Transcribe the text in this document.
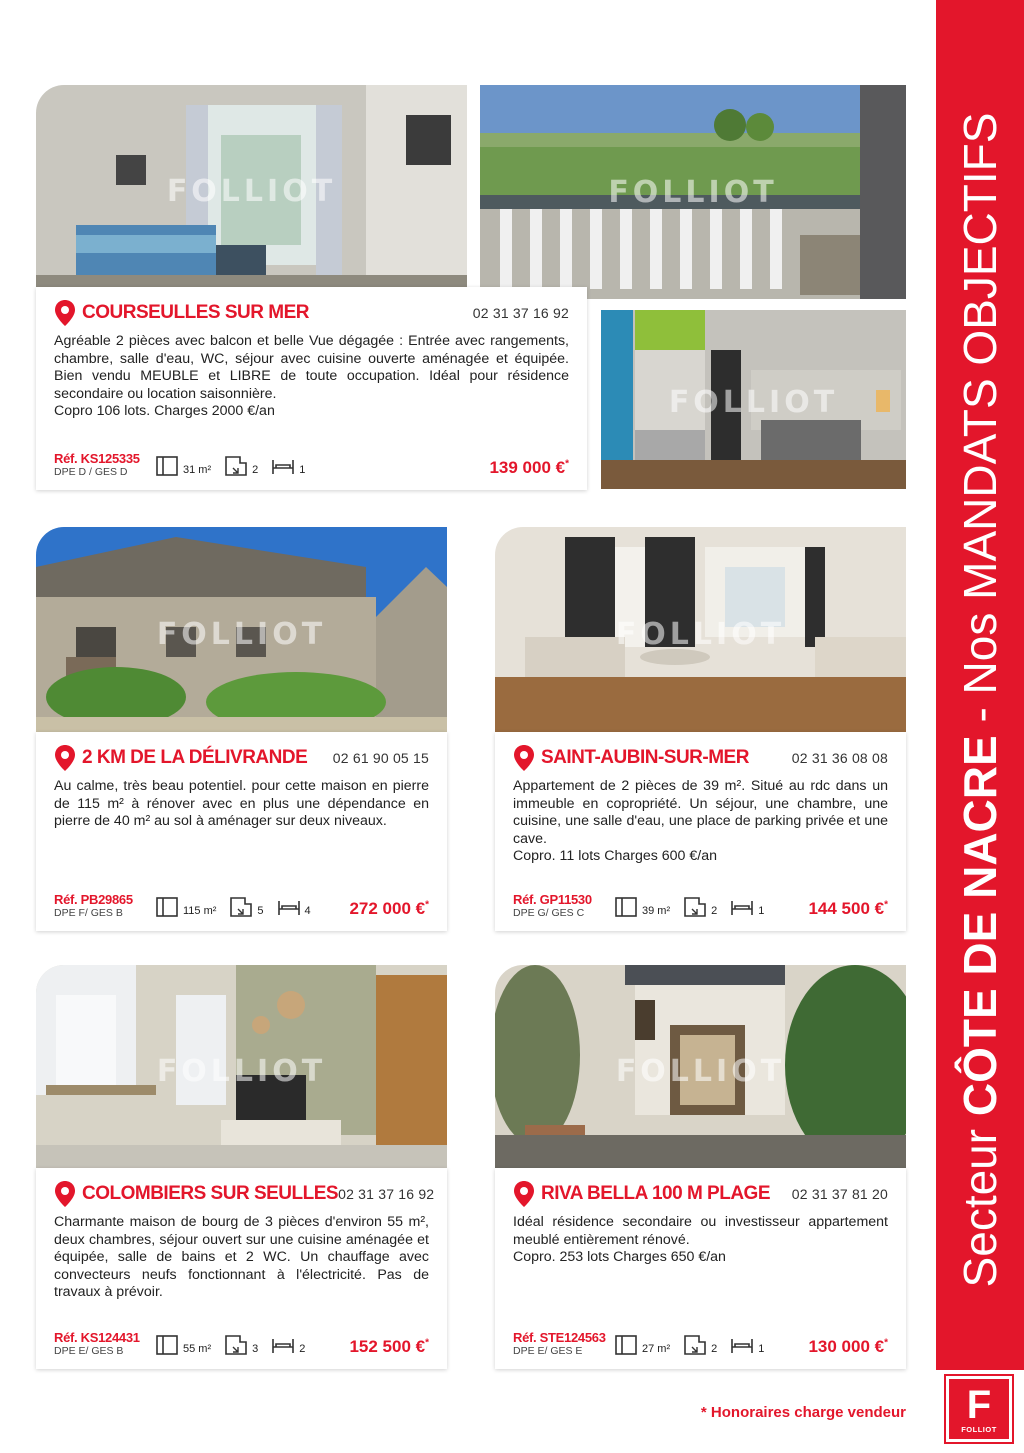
FOLLIOT	FOLLIOT
FOLLIOT
COURSEULLES SUR MER	02 31 37 16 92
Agréable 2 pièces avec balcon et belle Vue dégagée : Entrée avec rangements, chambre, salle d'eau, WC, séjour avec cuisine ouverte aménagée et équipée. Bien vendu MEUBLE et LIBRE de toute occupation. Idéal pour résidence secondaire ou location saisonnière.
Copro 106 lots. Charges 2000 €/an
Réf. KS125335
DPE D / GES D	31 m²	2	1	139 000 €*
FOLLIOT
2 KM DE LA DÉLIVRANDE 02 61 90 05 15
Au calme, très beau potentiel. pour cette maison en pierre de 115 m² à rénover avec en plus une dépendance en pierre de 40 m² au sol à aménager sur deux niveaux.
Réf. PB29865
DPE F/ GES B	115 m²	5	4 272 000 €*
FOLLIOT
SAINT-AUBIN-SUR-MER	02 31 36 08 08
Appartement de 2 pièces de 39 m². Situé au rdc dans un immeuble en copropriété. Un séjour, une chambre, une cuisine, une salle d'eau, une place de parking privée et une cave.
Copro. 11 lots Charges 600 €/an
Réf. GP11530
DPE G/ GES C	39 m²	2	1	144 500 €*
FOLLIOT
COLOMBIERS SUR SEULLES 02 31 37 16 92
Charmante maison de bourg de 3 pièces d'environ 55 m², deux chambres, séjour ouvert sur une cuisine aménagée et équipée, salle de bains et 2 WC. Un chauffage avec convecteurs neufs fonctionnant à l'électricité. Pas de travaux à prévoir.
Réf. KS124431
DPE E/ GES B	55 m²	3	2	152 500 €*
FOLLIOT
RIVA BELLA 100 M PLAGE 02 31 37 81 20
Idéal résidence secondaire ou investisseur appartement meublé entièrement rénové.
Copro. 253 lots Charges 650 €/an
Réf. STE124563
DPE E/ GES E	27 m²	2	1	130 000 €*
Secteur CÔTE DE NACRE - Nos MANDATS OBJECTIFS
F
FOLLIOT
* Honoraires charge vendeur
